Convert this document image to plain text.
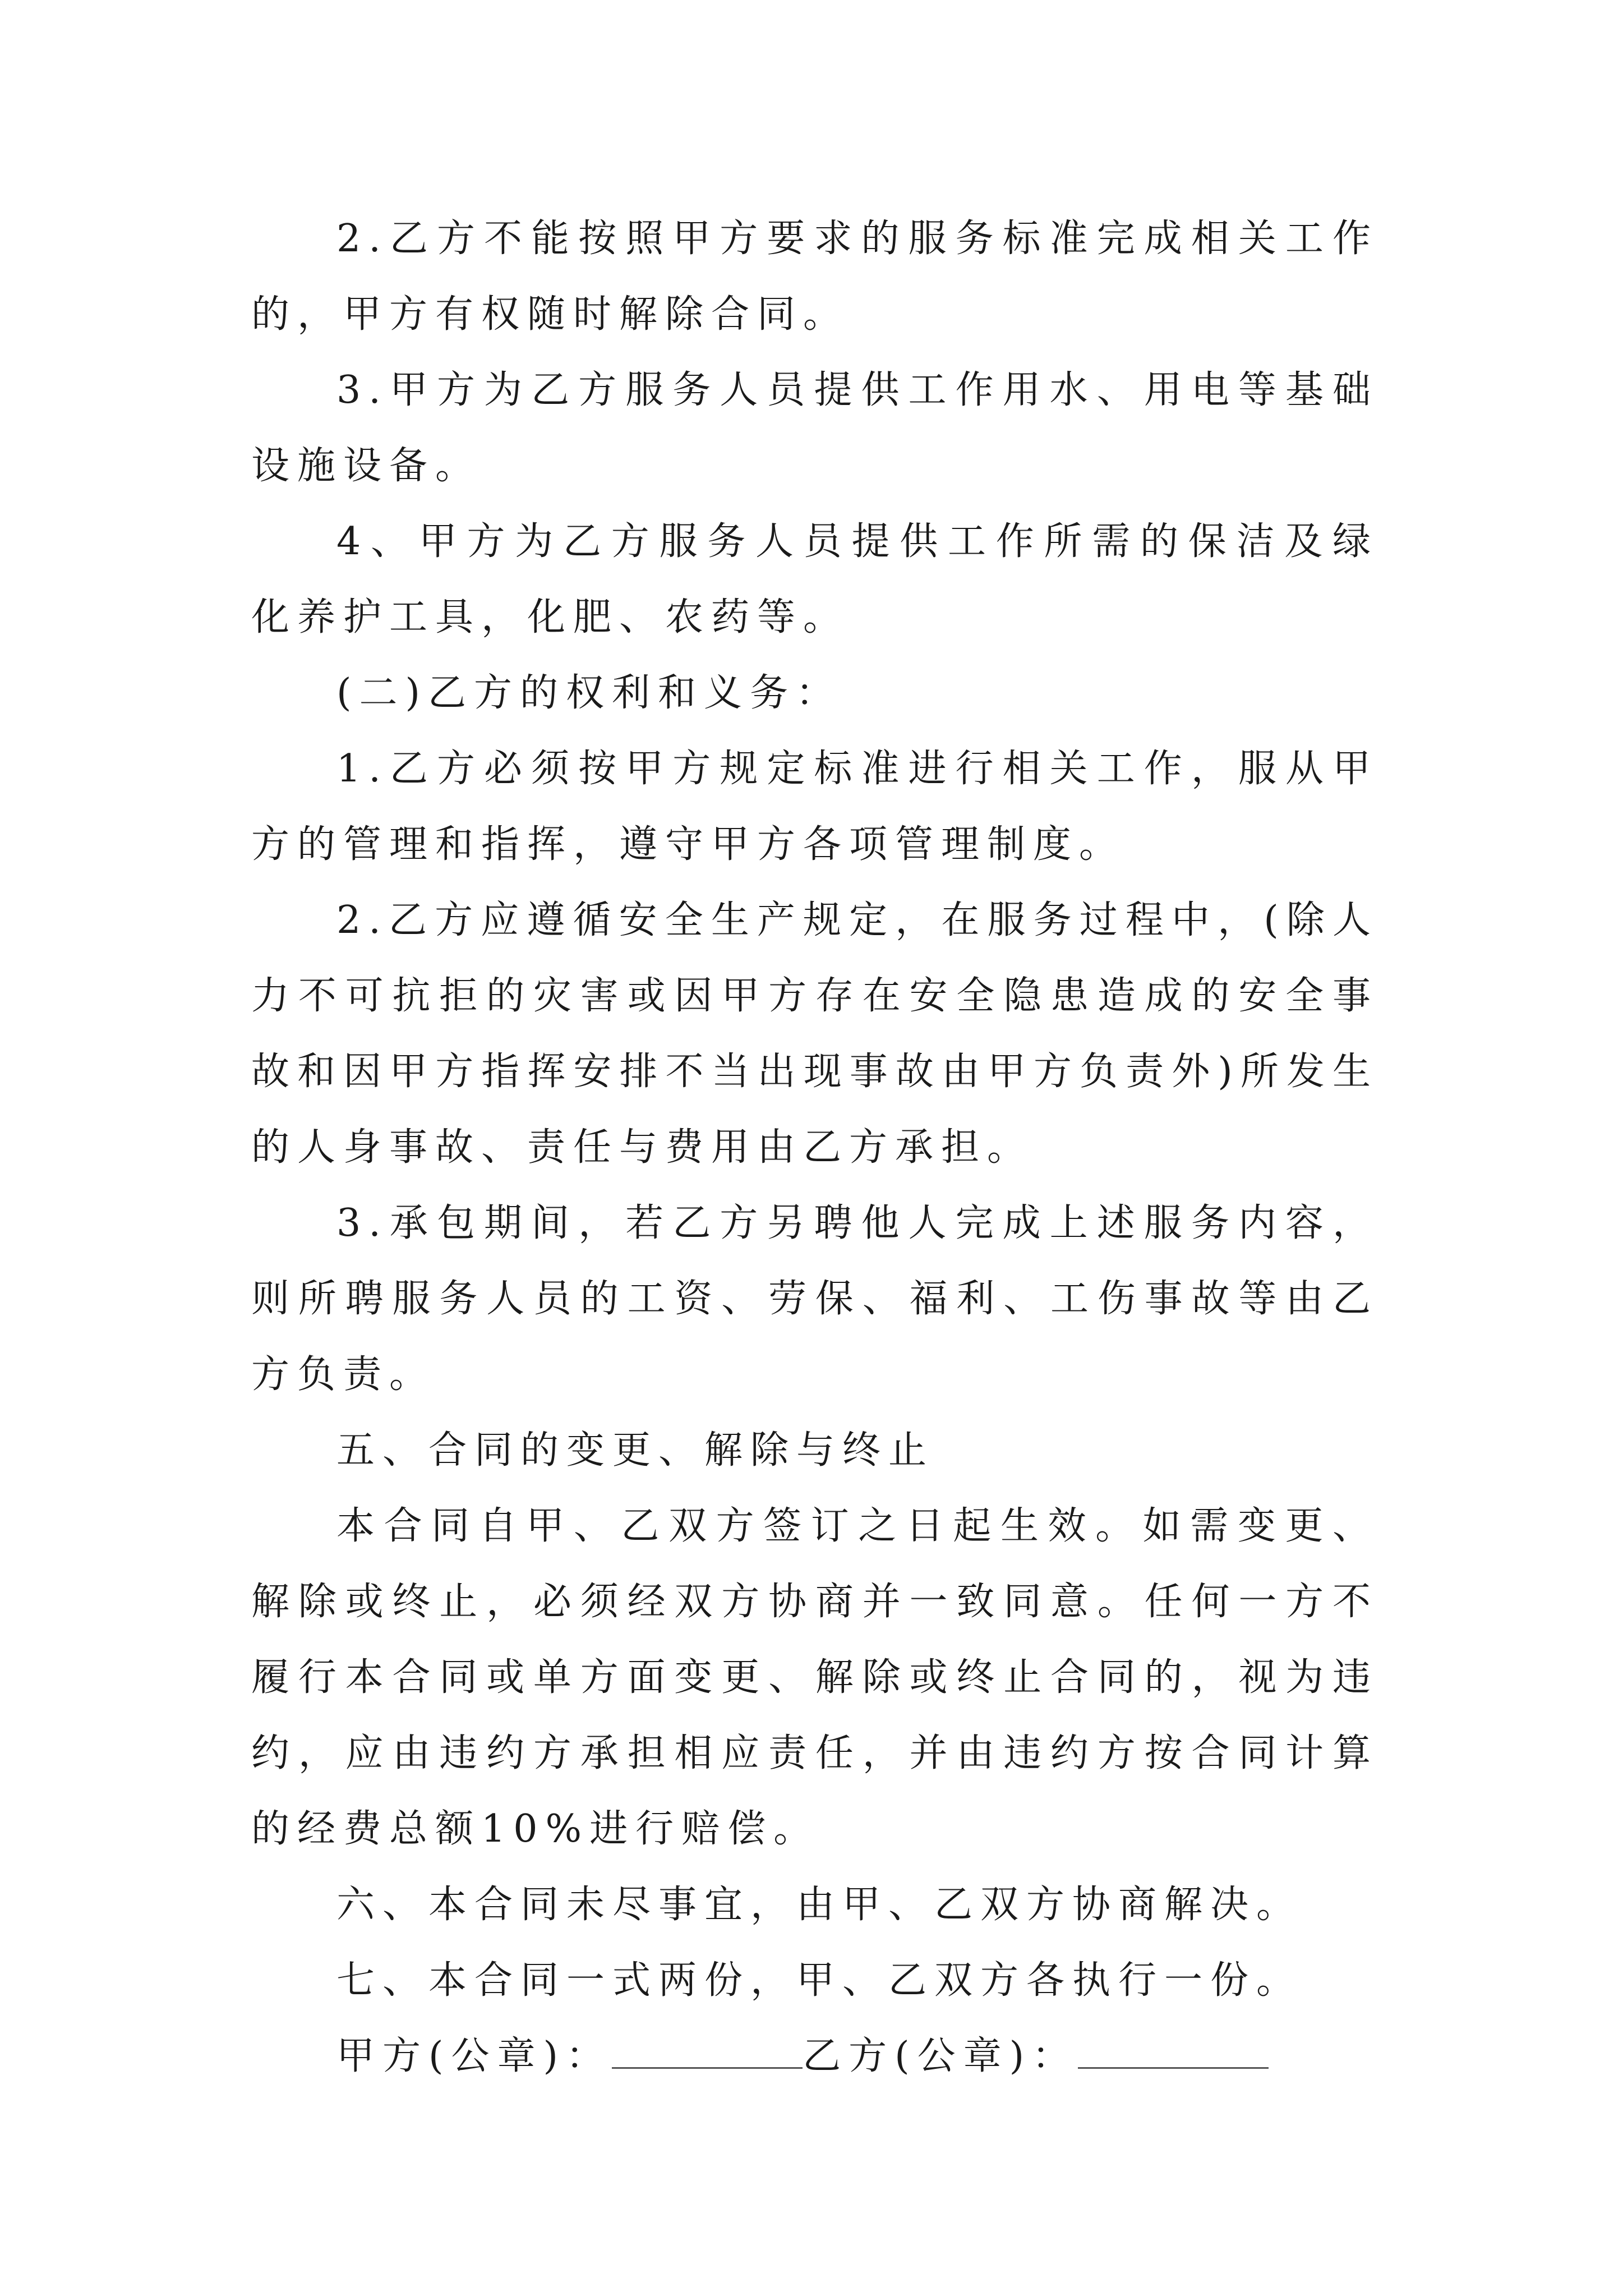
2.乙方不能按照甲方要求的服务标准完成相关工作的，甲方有权随时解除合同。

3.甲方为乙方服务人员提供工作用水、用电等基础设施设备。

4、甲方为乙方服务人员提供工作所需的保洁及绿化养护工具，化肥、农药等。

(二)乙方的权利和义务：

1.乙方必须按甲方规定标准进行相关工作，服从甲方的管理和指挥，遵守甲方各项管理制度。

2.乙方应遵循安全生产规定，在服务过程中，(除人力不可抗拒的灾害或因甲方存在安全隐患造成的安全事故和因甲方指挥安排不当出现事故由甲方负责外)所发生的人身事故、责任与费用由乙方承担。

3.承包期间，若乙方另聘他人完成上述服务内容，则所聘服务人员的工资、劳保、福利、工伤事故等由乙方负责。

五、合同的变更、解除与终止

本合同自甲、乙双方签订之日起生效。如需变更、解除或终止，必须经双方协商并一致同意。任何一方不履行本合同或单方面变更、解除或终止合同的，视为违约，应由违约方承担相应责任，并由违约方按合同计算的经费总额10%进行赔偿。

六、本合同未尽事宜，由甲、乙双方协商解决。

七、本合同一式两份，甲、乙双方各执行一份。

甲方(公章)：	乙方(公章)：
